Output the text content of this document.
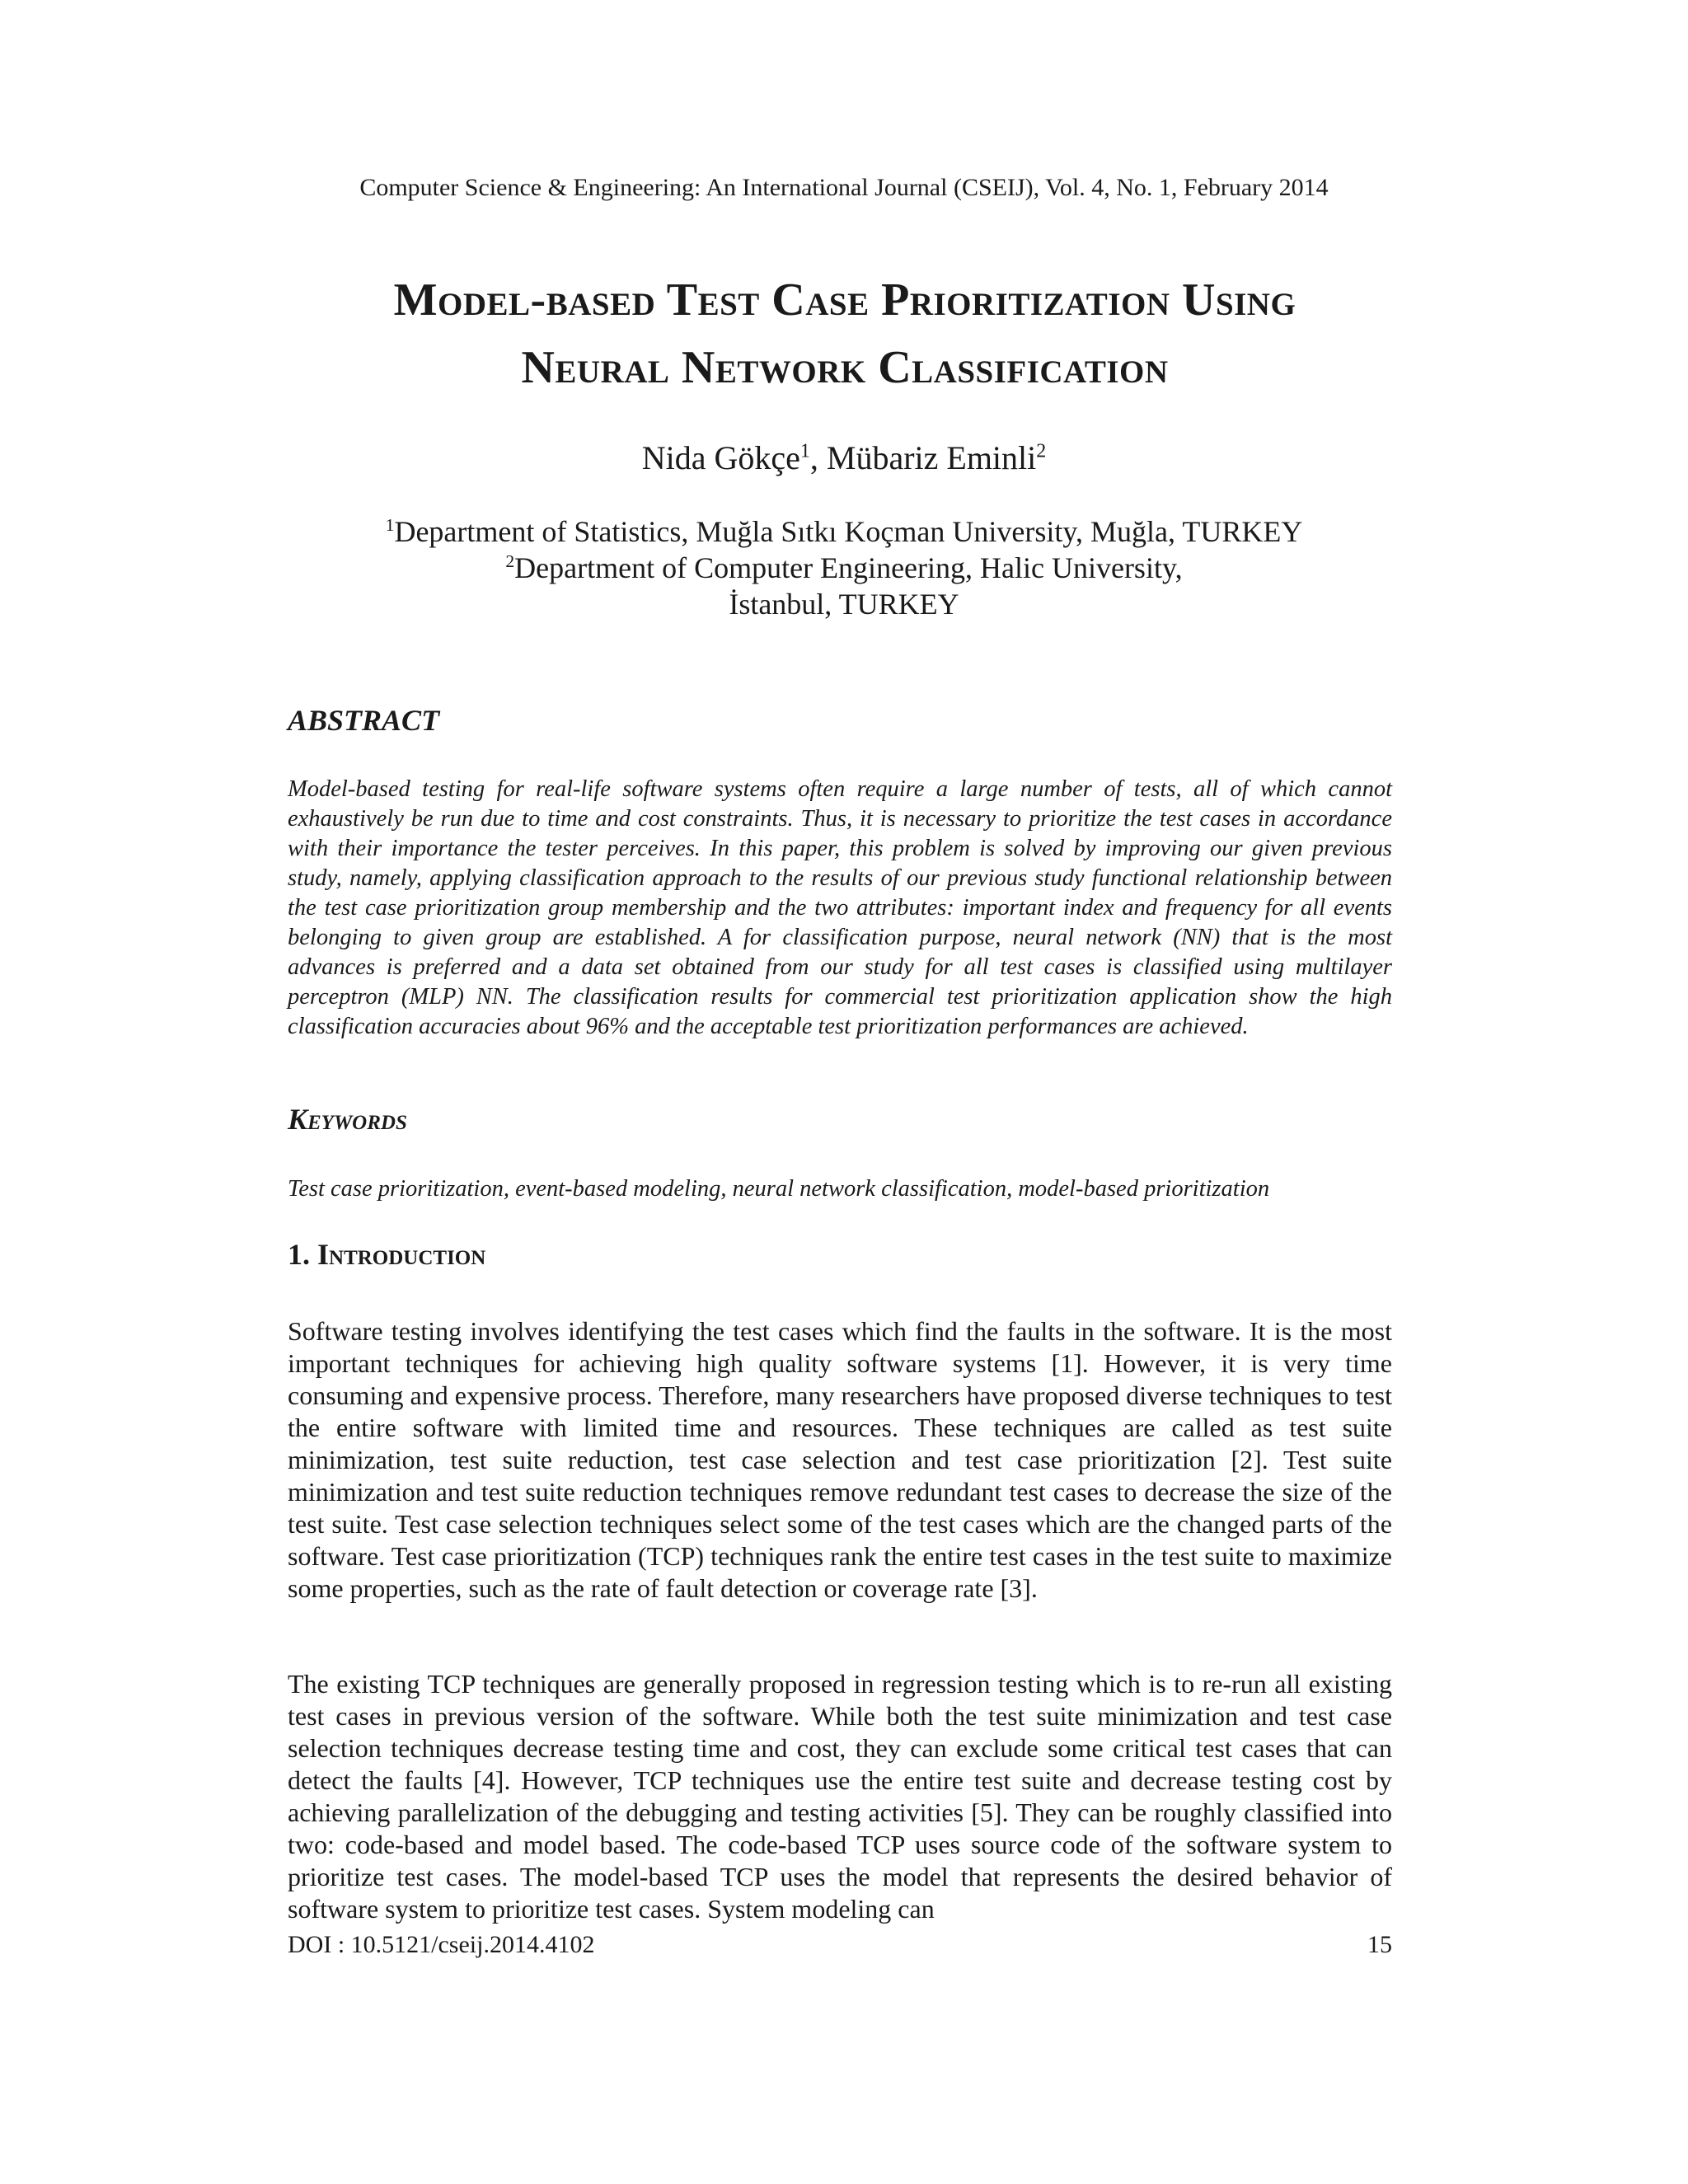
Computer Science & Engineering: An International Journal (CSEIJ), Vol. 4, No. 1, February 2014
Model-based Test Case Prioritization Using
Neural Network Classification
Nida Gökçe$^1$, Mübariz Eminli$^2$
$^1$Department of Statistics, Muğla Sıtkı Koçman University, Muğla, TURKEY
$^2$Department of Computer Engineering, Halic University,
İstanbul, TURKEY
ABSTRACT
Model-based testing for real-life software systems often require a large number of tests, all of which cannot exhaustively be run due to time and cost constraints. Thus, it is necessary to prioritize the test cases in accordance with their importance the tester perceives. In this paper, this problem is solved by improving our given previous study, namely, applying classification approach to the results of our previous study functional relationship between the test case prioritization group membership and the two attributes: important index and frequency for all events belonging to given group are established. A for classification purpose, neural network (NN) that is the most advances is preferred and a data set obtained from our study for all test cases is classified using multilayer perceptron (MLP) NN. The classification results for commercial test prioritization application show the high classification accuracies about 96% and the acceptable test prioritization performances are achieved.
Keywords
Test case prioritization, event-based modeling, neural network classification, model-based prioritization
1. Introduction
Software testing involves identifying the test cases which find the faults in the software. It is the most important techniques for achieving high quality software systems [1]. However, it is very time consuming and expensive process. Therefore, many researchers have proposed diverse techniques to test the entire software with limited time and resources. These techniques are called as test suite minimization, test suite reduction, test case selection and test case prioritization [2]. Test suite minimization and test suite reduction techniques remove redundant test cases to decrease the size of the test suite. Test case selection techniques select some of the test cases which are the changed parts of the software. Test case prioritization (TCP) techniques rank the entire test cases in the test suite to maximize some properties, such as the rate of fault detection or coverage rate [3].
The existing TCP techniques are generally proposed in regression testing which is to re-run all existing test cases in previous version of the software. While both the test suite minimization and test case selection techniques decrease testing time and cost, they can exclude some critical test cases that can detect the faults [4]. However, TCP techniques use the entire test suite and decrease testing cost by achieving parallelization of the debugging and testing activities [5]. They can be roughly classified into two: code-based and model based. The code-based TCP uses source code of the software system to prioritize test cases. The model-based TCP uses the model that represents the desired behavior of software system to prioritize test cases. System modeling can
DOI : 10.5121/cseij.2014.4102	15
